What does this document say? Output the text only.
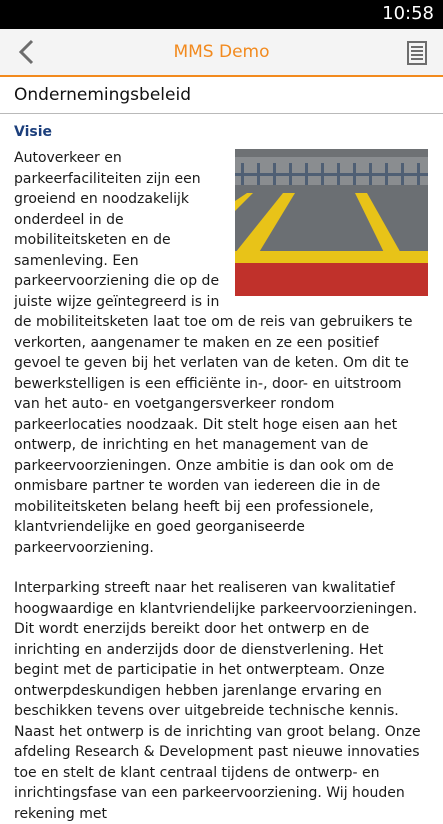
10:58
MMS Demo
Ondernemingsbeleid
Visie

Autoverkeer en parkeerfaciliteiten zijn een groeiend en noodzakelijk onderdeel in de mobiliteitsketen en de samenleving. Een parkeervoorziening die op de juiste wijze geïntegreerd is in de mobiliteitsketen laat toe om de reis van gebruikers te verkorten, aangenamer te maken en ze een positief gevoel te geven bij het verlaten van de keten. Om dit te bewerkstelligen is een efficiënte in-, door- en uitstroom van het auto- en voetgangersverkeer rondom parkeerlocaties noodzaak. Dit stelt hoge eisen aan het ontwerp, de inrichting en het management van de parkeervoorzieningen. Onze ambitie is dan ook om de onmisbare partner te worden van iedereen die in de mobiliteitsketen belang heeft bij een professionele, klantvriendelijke en goed georganiseerde parkeervoorziening.

Interparking streeft naar het realiseren van kwalitatief hoogwaardige en klantvriendelijke parkeervoorzieningen. Dit wordt enerzijds bereikt door het ontwerp en de inrichting en anderzijds door de dienstverlening. Het begint met de participatie in het ontwerpteam. Onze ontwerpdeskundigen hebben jarenlange ervaring en beschikken tevens over uitgebreide technische kennis. Naast het ontwerp is de inrichting van groot belang. Onze afdeling Research & Development past nieuwe innovaties toe en stelt de klant centraal tijdens de ontwerp- en inrichtingsfase van een parkeervoorziening. Wij houden rekening met
